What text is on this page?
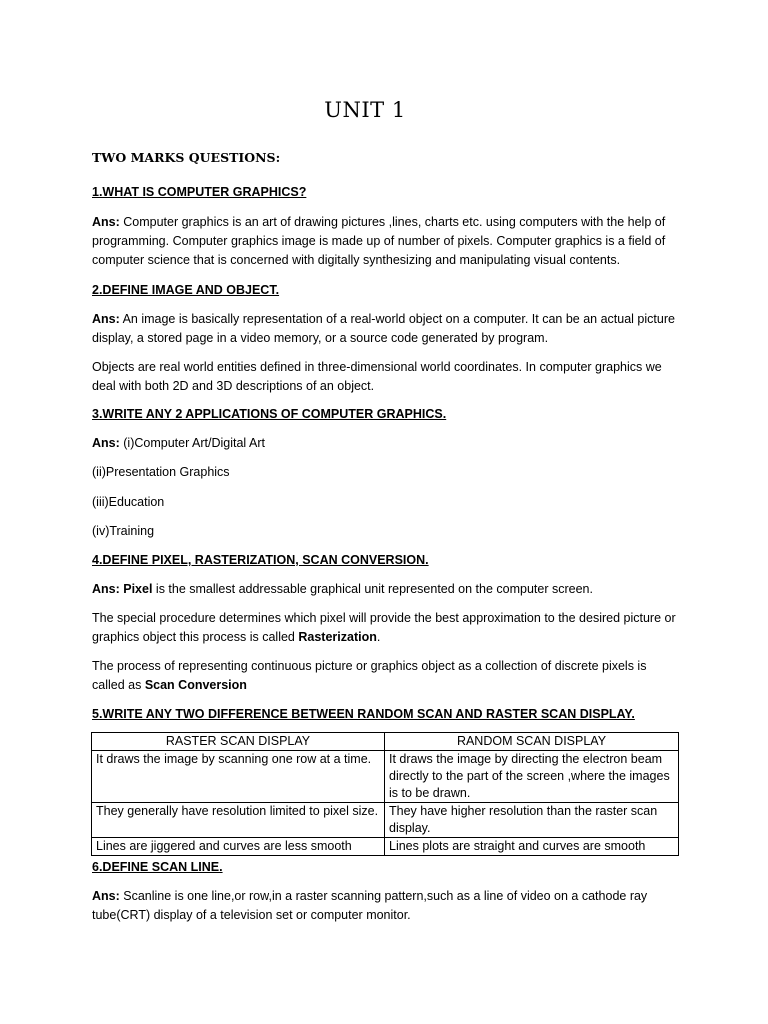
UNIT 1
TWO MARKS QUESTIONS:
1.WHAT IS COMPUTER GRAPHICS?
Ans: Computer graphics is an art of drawing pictures ,lines, charts etc. using computers with the help of programming. Computer graphics image is made up of number of pixels. Computer graphics is a field of computer science that is concerned with digitally synthesizing and manipulating visual contents.
2.DEFINE IMAGE AND OBJECT.
Ans: An image is basically representation of a real-world object on a computer. It can be an actual picture display, a stored page in a video memory, or a source code generated by program.
Objects are real world entities defined in three-dimensional world coordinates. In computer graphics we deal with both 2D and 3D descriptions of an object.
3.WRITE ANY 2 APPLICATIONS OF COMPUTER GRAPHICS.
Ans: (i)Computer Art/Digital Art
(ii)Presentation Graphics
(iii)Education
(iv)Training
4.DEFINE PIXEL, RASTERIZATION, SCAN CONVERSION.
Ans: Pixel is the smallest addressable graphical unit represented on the computer screen.
The special procedure determines which pixel will provide the best approximation to the desired picture or graphics object this process is called Rasterization.
The process of representing continuous picture or graphics object as a collection of discrete pixels is called as Scan Conversion
5.WRITE ANY TWO DIFFERENCE BETWEEN RANDOM SCAN AND RASTER SCAN DISPLAY.
RASTER SCAN DISPLAY	RANDOM SCAN DISPLAY
It draws the image by scanning one row at a time.	It draws the image by directing the electron beam directly to the part of the screen ,where the images is to be drawn.
They generally have resolution limited to pixel size.	They have higher resolution than the raster scan display.
Lines are jiggered and curves are less smooth	Lines plots are straight and curves are smooth
6.DEFINE SCAN LINE.
Ans: Scanline is one line,or row,in a raster scanning pattern,such as a line of video on a cathode ray tube(CRT) display of a television set or computer monitor.
